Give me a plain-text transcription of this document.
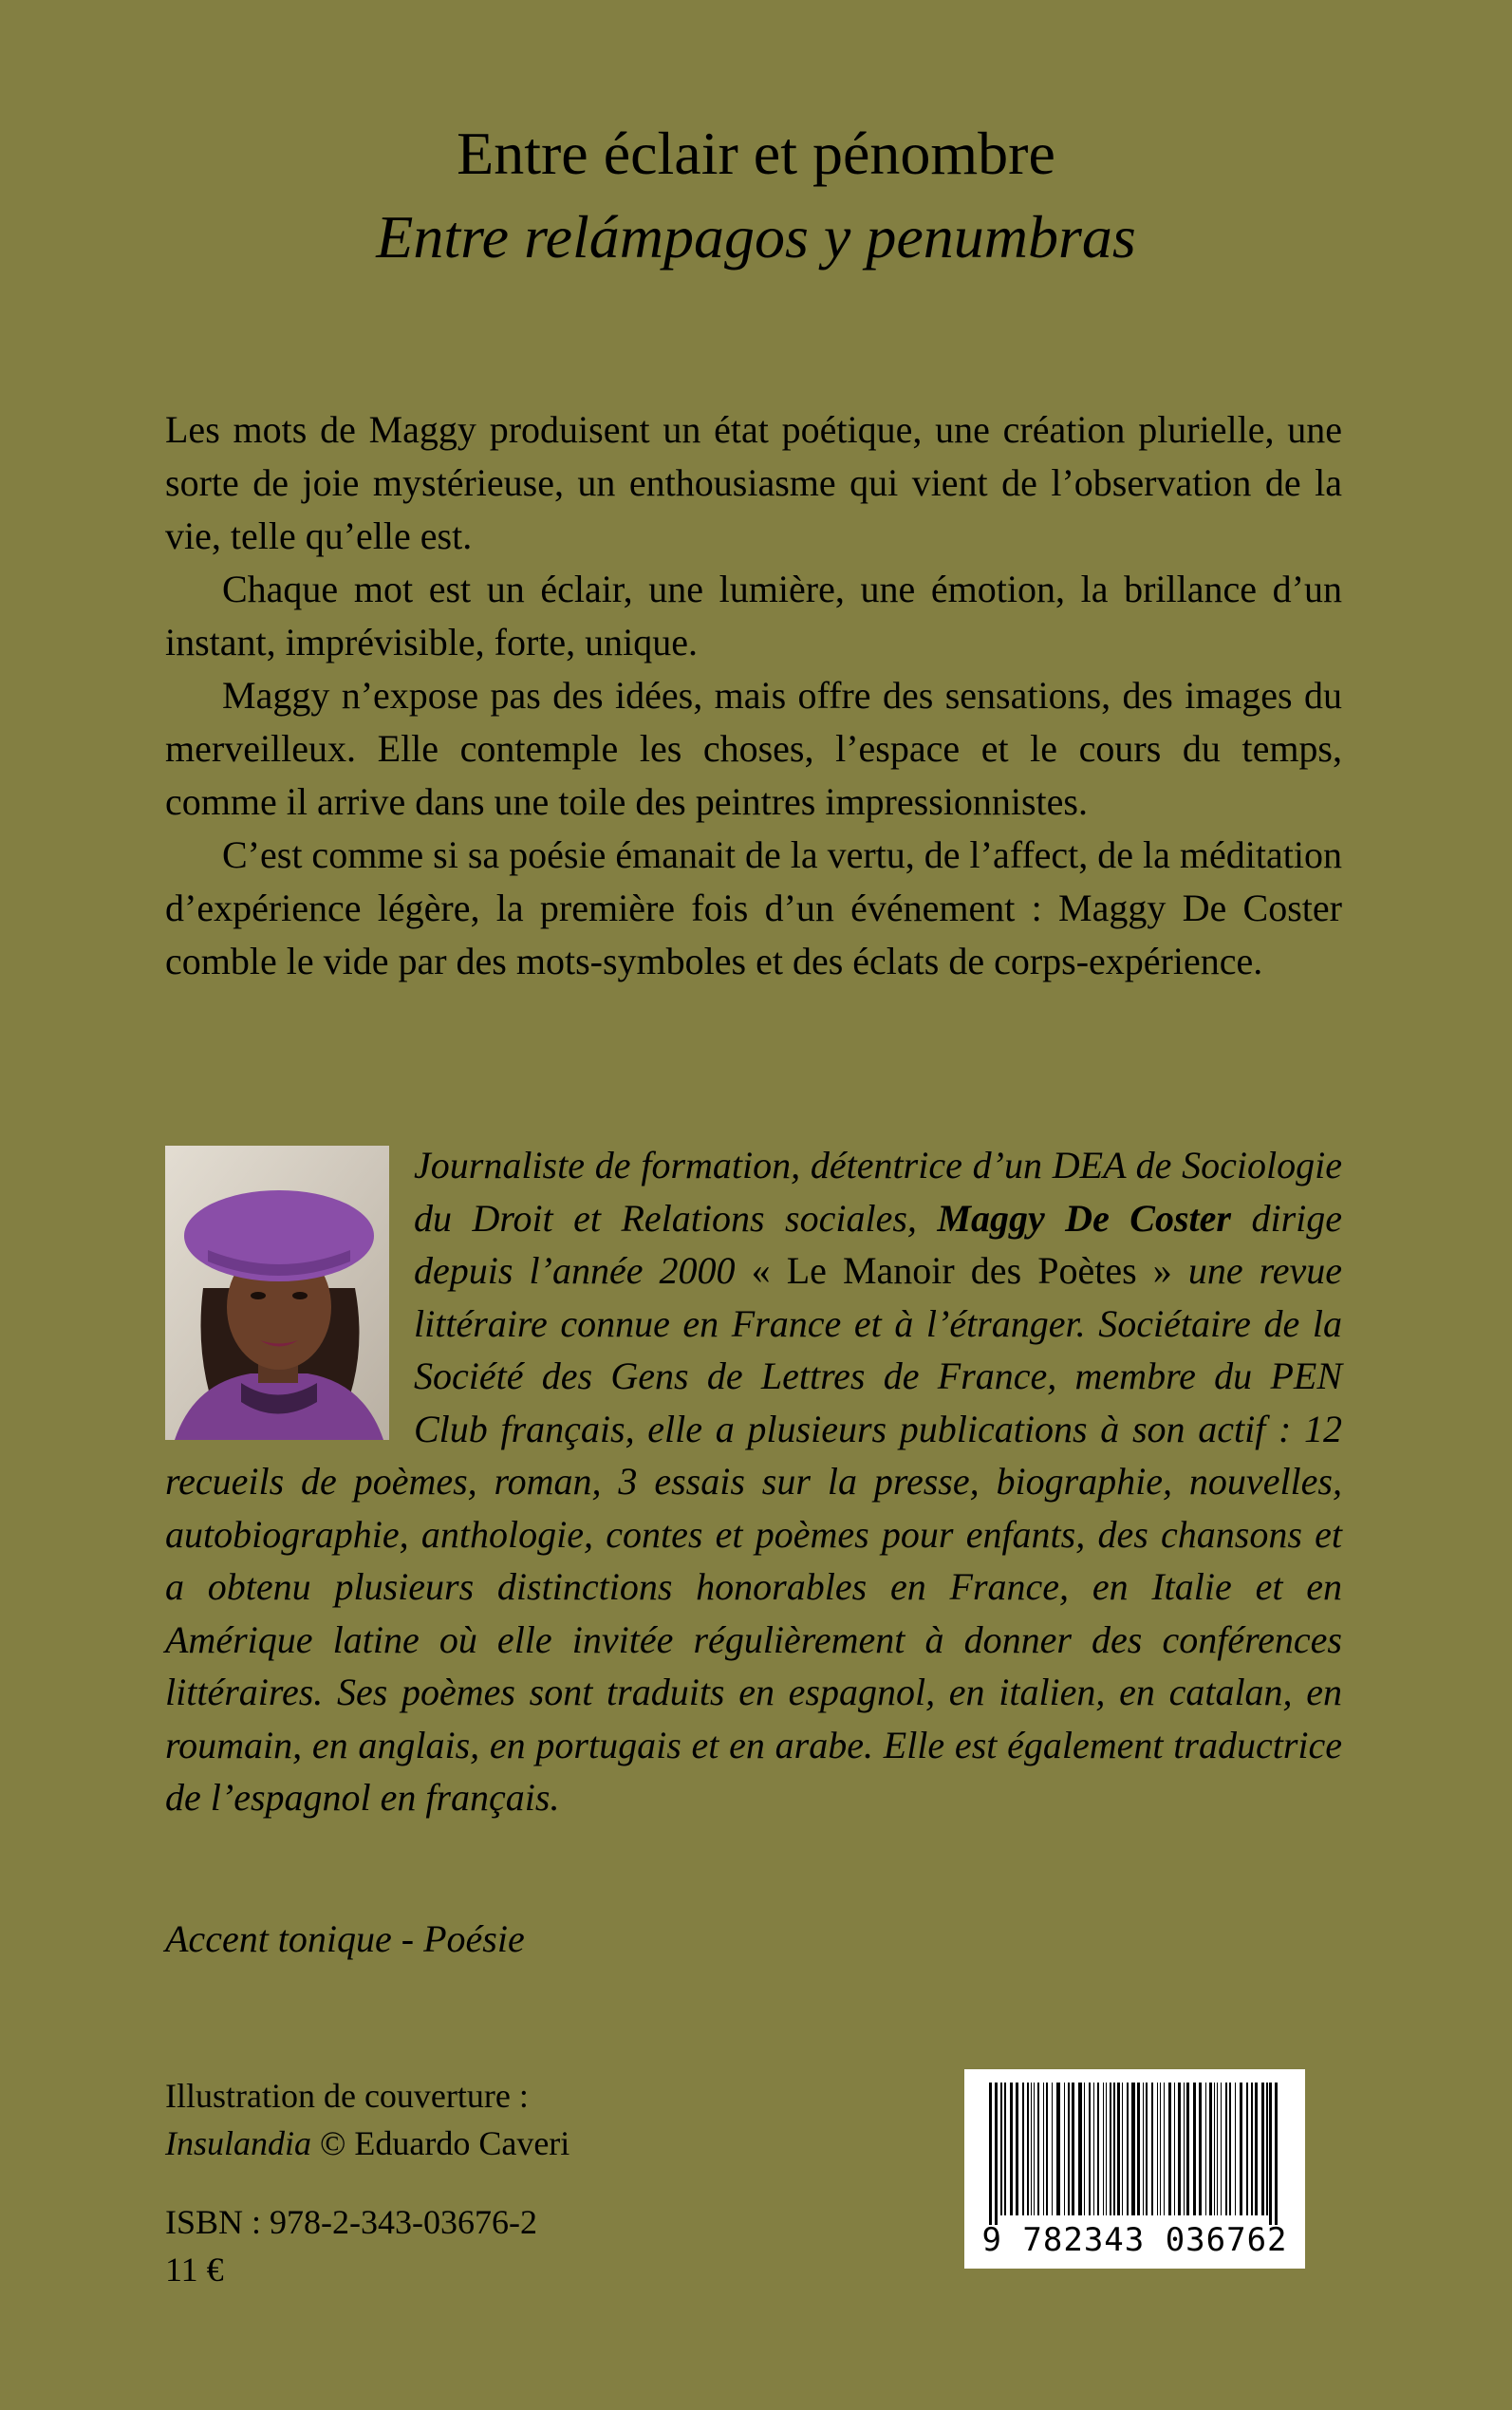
Entre éclair et pénombre
Entre relámpagos y penumbras

Les mots de Maggy produisent un état poétique, une création plurielle, une sorte de joie mystérieuse, un enthousiasme qui vient de l’observation de la vie, telle qu’elle est.

Chaque mot est un éclair, une lumière, une émotion, la brillance d’un instant, imprévisible, forte, unique.

Maggy n’expose pas des idées, mais offre des sensations, des images du merveilleux. Elle contemple les choses, l’espace et le cours du temps, comme il arrive dans une toile des peintres impressionnistes.

C’est comme si sa poésie émanait de la vertu, de l’affect, de la méditation d’expérience légère, la première fois d’un événement : Maggy De Coster comble le vide par des mots-symboles et des éclats de corps-expérience.

Journaliste de formation, détentrice d’un DEA de Sociologie du Droit et Relations sociales, Maggy De Coster dirige depuis l’année 2000 « Le Manoir des Poètes » une revue littéraire connue en France et à l’étranger. Sociétaire de la Société des Gens de Lettres de France, membre du PEN Club français, elle a plusieurs publications à son actif : 12 recueils de poèmes, roman, 3 essais sur la presse, biographie, nouvelles, autobiographie, anthologie, contes et poèmes pour enfants, des chansons et a obtenu plusieurs distinctions honorables en France, en Italie et en Amérique latine où elle invitée régulièrement à donner des conférences littéraires. Ses poèmes sont traduits en espagnol, en italien, en catalan, en roumain, en anglais, en portugais et en arabe. Elle est également traductrice de l’espagnol en français.

Accent tonique - Poésie
Illustration de couverture :
Insulandia © Eduardo Caveri
ISBN : 978-2-343-03676-2
11 €
9 782343 036762
